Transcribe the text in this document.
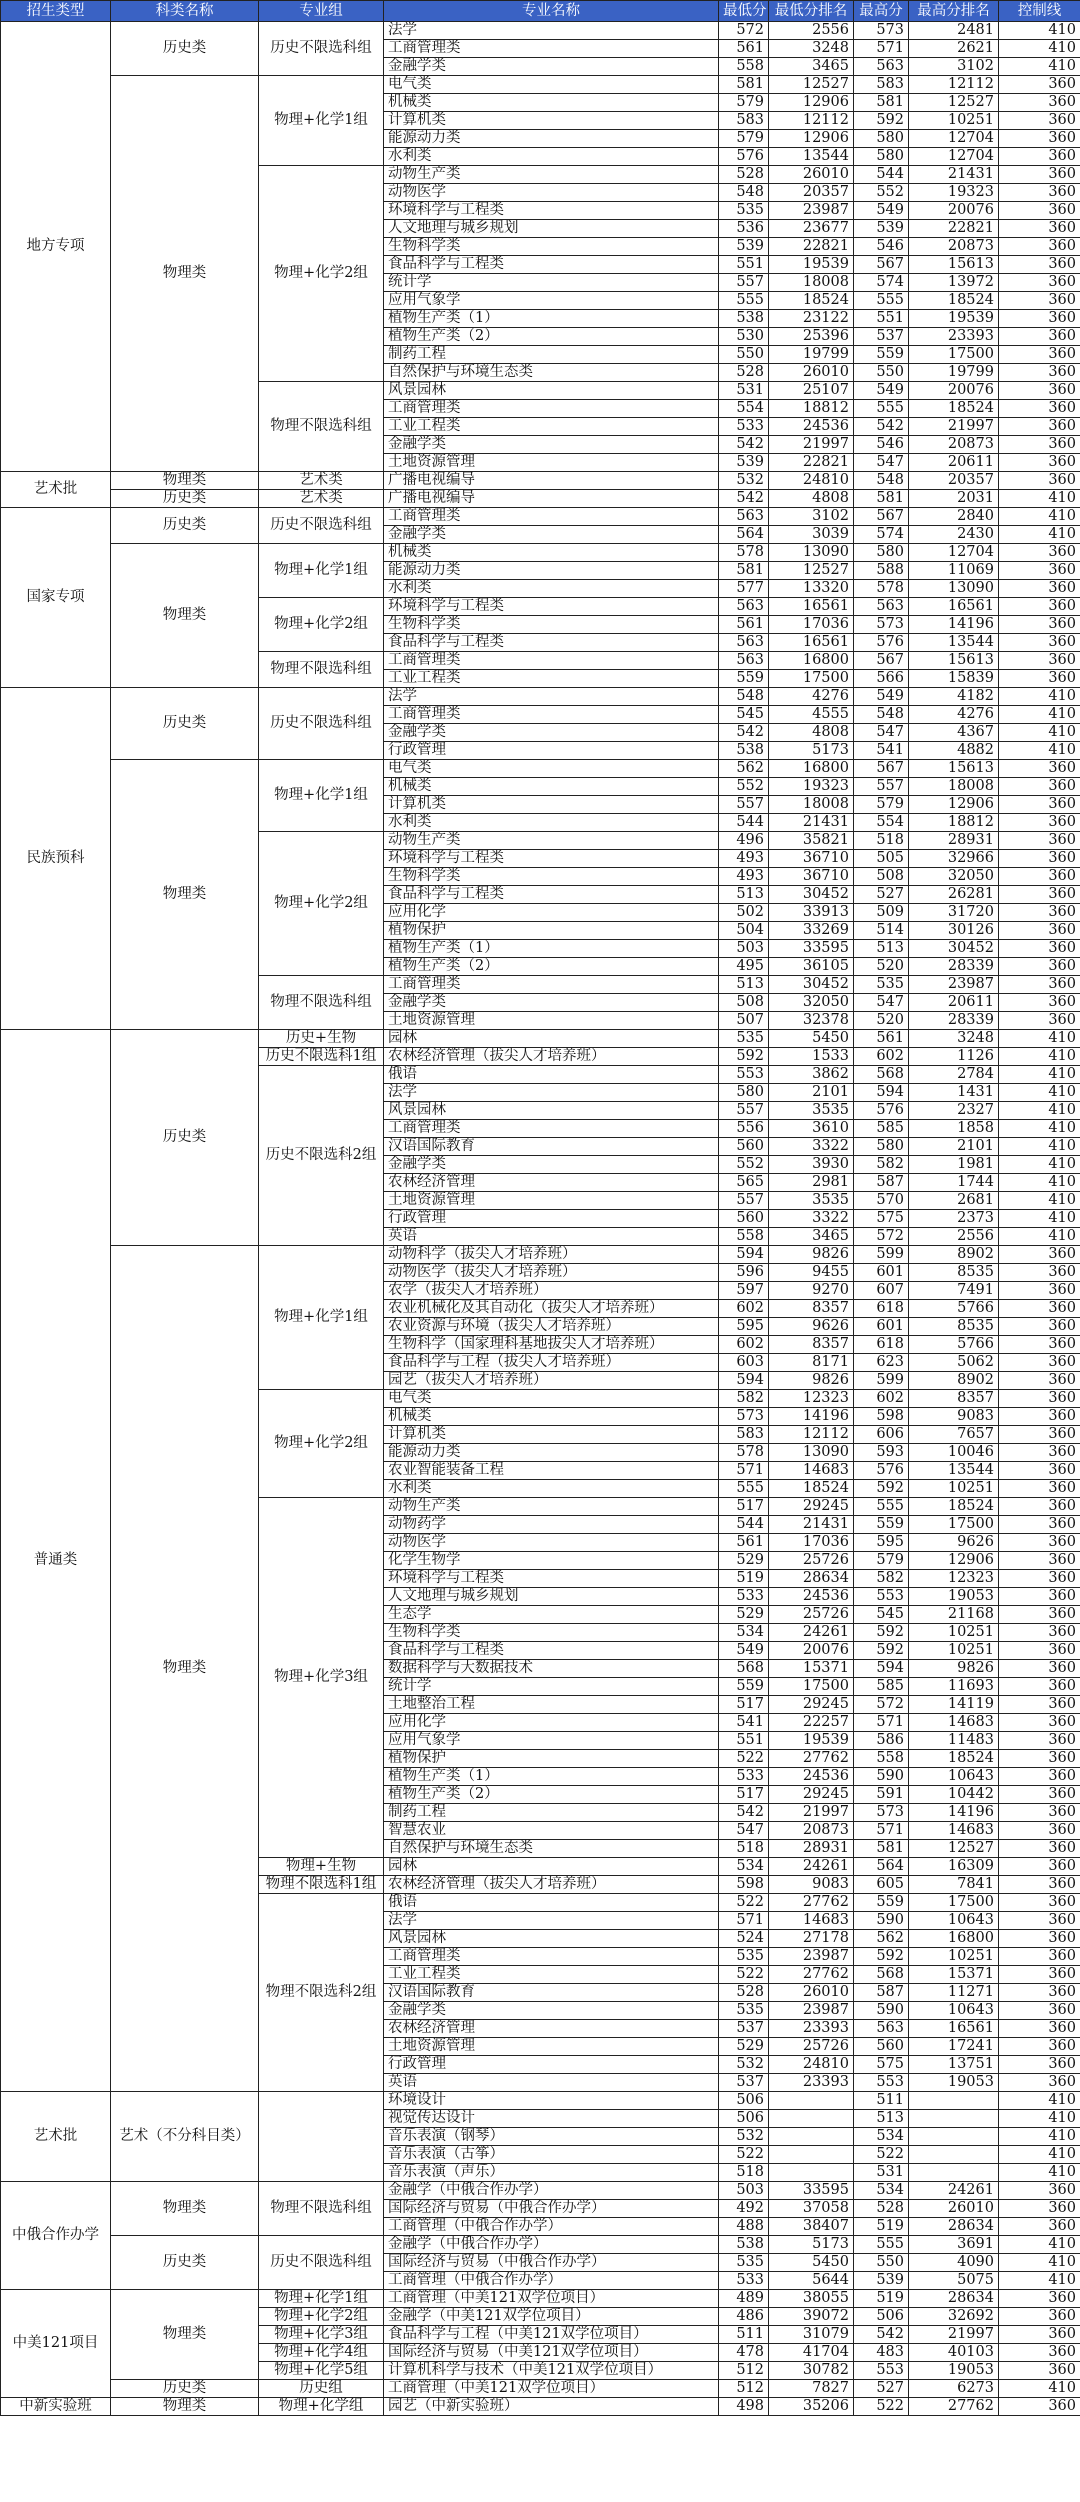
招生类型	科类名称	专业组	专业名称	最低分	最低分排名	最高分	最高分排名	控制线
地方专项	历史类	历史不限选科组	法学	572	2556	573	2481	410
			工商管理类	561	3248	571	2621	410
			金融学类	558	3465	563	3102	410
	物理类	物理+化学1组	电气类	581	12527	583	12112	360
			机械类	579	12906	581	12527	360
			计算机类	583	12112	592	10251	360
			能源动力类	579	12906	580	12704	360
			水利类	576	13544	580	12704	360
		物理+化学2组	动物生产类	528	26010	544	21431	360
			动物医学	548	20357	552	19323	360
			环境科学与工程类	535	23987	549	20076	360
			人文地理与城乡规划	536	23677	539	22821	360
			生物科学类	539	22821	546	20873	360
			食品科学与工程类	551	19539	567	15613	360
			统计学	557	18008	574	13972	360
			应用气象学	555	18524	555	18524	360
			植物生产类（1）	538	23122	551	19539	360
			植物生产类（2）	530	25396	537	23393	360
			制药工程	550	19799	559	17500	360
			自然保护与环境生态类	528	26010	550	19799	360
		物理不限选科组	风景园林	531	25107	549	20076	360
			工商管理类	554	18812	555	18524	360
			工业工程类	533	24536	542	21997	360
			金融学类	542	21997	546	20873	360
			土地资源管理	539	22821	547	20611	360
艺术批	物理类	艺术类	广播电视编导	532	24810	548	20357	360
	历史类	艺术类	广播电视编导	542	4808	581	2031	410
国家专项	历史类	历史不限选科组	工商管理类	563	3102	567	2840	410
			金融学类	564	3039	574	2430	410
	物理类	物理+化学1组	机械类	578	13090	580	12704	360
			能源动力类	581	12527	588	11069	360
			水利类	577	13320	578	13090	360
		物理+化学2组	环境科学与工程类	563	16561	563	16561	360
			生物科学类	561	17036	573	14196	360
			食品科学与工程类	563	16561	576	13544	360
		物理不限选科组	工商管理类	563	16800	567	15613	360
			工业工程类	559	17500	566	15839	360
民族预科	历史类	历史不限选科组	法学	548	4276	549	4182	410
			工商管理类	545	4555	548	4276	410
			金融学类	542	4808	547	4367	410
			行政管理	538	5173	541	4882	410
	物理类	物理+化学1组	电气类	562	16800	567	15613	360
			机械类	552	19323	557	18008	360
			计算机类	557	18008	579	12906	360
			水利类	544	21431	554	18812	360
		物理+化学2组	动物生产类	496	35821	518	28931	360
			环境科学与工程类	493	36710	505	32966	360
			生物科学类	493	36710	508	32050	360
			食品科学与工程类	513	30452	527	26281	360
			应用化学	502	33913	509	31720	360
			植物保护	504	33269	514	30126	360
			植物生产类（1）	503	33595	513	30452	360
			植物生产类（2）	495	36105	520	28339	360
		物理不限选科组	工商管理类	513	30452	535	23987	360
			金融学类	508	32050	547	20611	360
			土地资源管理	507	32378	520	28339	360
普通类	历史类	历史+生物	园林	535	5450	561	3248	410
		历史不限选科1组	农林经济管理（拔尖人才培养班）	592	1533	602	1126	410
		历史不限选科2组	俄语	553	3862	568	2784	410
			法学	580	2101	594	1431	410
			风景园林	557	3535	576	2327	410
			工商管理类	556	3610	585	1858	410
			汉语国际教育	560	3322	580	2101	410
			金融学类	552	3930	582	1981	410
			农林经济管理	565	2981	587	1744	410
			土地资源管理	557	3535	570	2681	410
			行政管理	560	3322	575	2373	410
			英语	558	3465	572	2556	410
	物理类	物理+化学1组	动物科学（拔尖人才培养班）	594	9826	599	8902	360
			动物医学（拔尖人才培养班）	596	9455	601	8535	360
			农学（拔尖人才培养班）	597	9270	607	7491	360
			农业机械化及其自动化（拔尖人才培养班）	602	8357	618	5766	360
			农业资源与环境（拔尖人才培养班）	595	9626	601	8535	360
			生物科学（国家理科基地拔尖人才培养班）	602	8357	618	5766	360
			食品科学与工程（拔尖人才培养班）	603	8171	623	5062	360
			园艺（拔尖人才培养班）	594	9826	599	8902	360
		物理+化学2组	电气类	582	12323	602	8357	360
			机械类	573	14196	598	9083	360
			计算机类	583	12112	606	7657	360
			能源动力类	578	13090	593	10046	360
			农业智能装备工程	571	14683	576	13544	360
			水利类	555	18524	592	10251	360
		物理+化学3组	动物生产类	517	29245	555	18524	360
			动物药学	544	21431	559	17500	360
			动物医学	561	17036	595	9626	360
			化学生物学	529	25726	579	12906	360
			环境科学与工程类	519	28634	582	12323	360
			人文地理与城乡规划	533	24536	553	19053	360
			生态学	529	25726	545	21168	360
			生物科学类	534	24261	592	10251	360
			食品科学与工程类	549	20076	592	10251	360
			数据科学与大数据技术	568	15371	594	9826	360
			统计学	559	17500	585	11693	360
			土地整治工程	517	29245	572	14119	360
			应用化学	541	22257	571	14683	360
			应用气象学	551	19539	586	11483	360
			植物保护	522	27762	558	18524	360
			植物生产类（1）	533	24536	590	10643	360
			植物生产类（2）	517	29245	591	10442	360
			制药工程	542	21997	573	14196	360
			智慧农业	547	20873	571	14683	360
			自然保护与环境生态类	518	28931	581	12527	360
		物理+生物	园林	534	24261	564	16309	360
		物理不限选科1组	农林经济管理（拔尖人才培养班）	598	9083	605	7841	360
		物理不限选科2组	俄语	522	27762	559	17500	360
			法学	571	14683	590	10643	360
			风景园林	524	27178	562	16800	360
			工商管理类	535	23987	592	10251	360
			工业工程类	522	27762	568	15371	360
			汉语国际教育	528	26010	587	11271	360
			金融学类	535	23987	590	10643	360
			农林经济管理	537	23393	563	16561	360
			土地资源管理	529	25726	560	17241	360
			行政管理	532	24810	575	13751	360
			英语	537	23393	553	19053	360
艺术批	艺术（不分科目类）		环境设计	506		511		410
			视觉传达设计	506		513		410
			音乐表演（钢琴）	532		534		410
			音乐表演（古筝）	522		522		410
			音乐表演（声乐）	518		531		410
中俄合作办学	物理类	物理不限选科组	金融学（中俄合作办学）	503	33595	534	24261	360
			国际经济与贸易（中俄合作办学）	492	37058	528	26010	360
			工商管理（中俄合作办学）	488	38407	519	28634	360
	历史类	历史不限选科组	金融学（中俄合作办学）	538	5173	555	3691	410
			国际经济与贸易（中俄合作办学）	535	5450	550	4090	410
			工商管理（中俄合作办学）	533	5644	539	5075	410
中美121项目	物理类	物理+化学1组	工商管理（中美121双学位项目）	489	38055	519	28634	360
		物理+化学2组	金融学（中美121双学位项目）	486	39072	506	32692	360
		物理+化学3组	食品科学与工程（中美121双学位项目）	511	31079	542	21997	360
		物理+化学4组	国际经济与贸易（中美121双学位项目）	478	41704	483	40103	360
		物理+化学5组	计算机科学与技术（中美121双学位项目）	512	30782	553	19053	360
	历史类	历史组	工商管理（中美121双学位项目）	512	7827	527	6273	410
中新实验班	物理类	物理+化学组	园艺（中新实验班）	498	35206	522	27762	360
